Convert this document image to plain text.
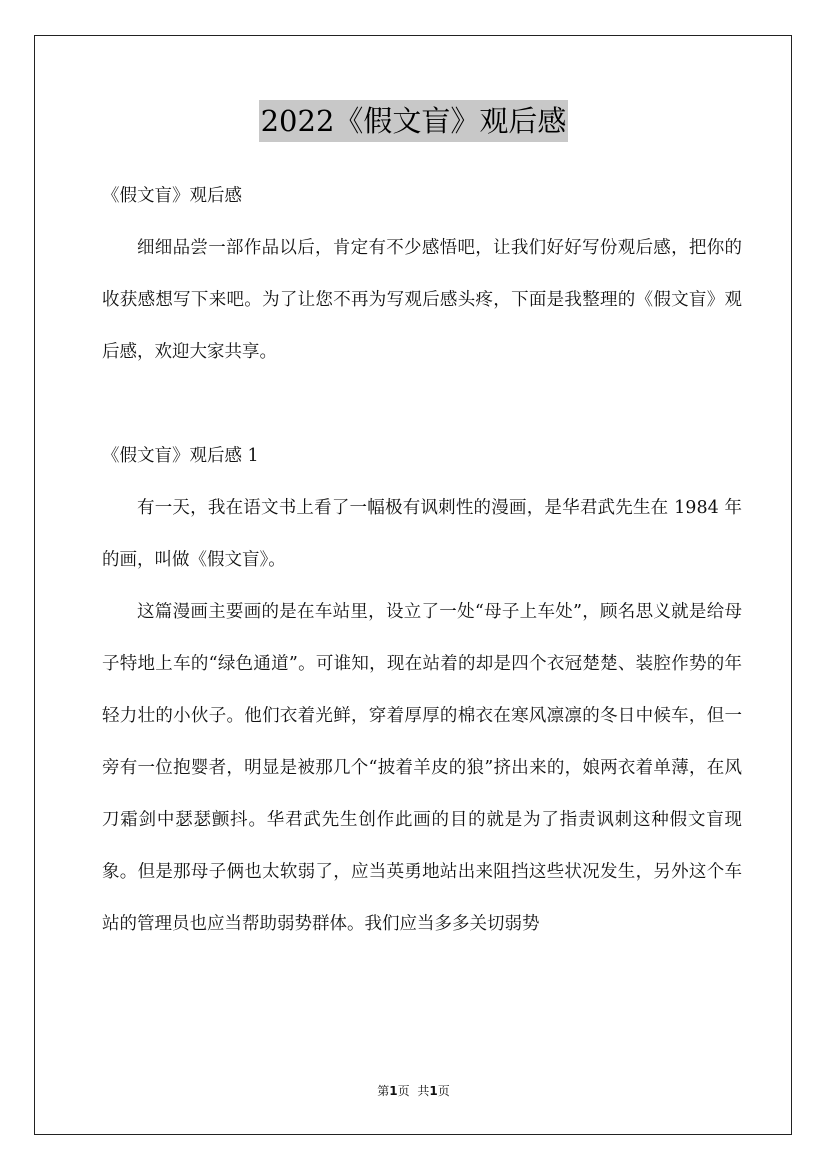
2022《假文盲》观后感

《假文盲》观后感

细细品尝一部作品以后，肯定有不少感悟吧，让我们好好写份观后感，把你的收获感想写下来吧。为了让您不再为写观后感头疼，下面是我整理的《假文盲》观后感，欢迎大家共享。

《假文盲》观后感 1

有一天，我在语文书上看了一幅极有讽刺性的漫画，是华君武先生在 1984 年的画，叫做《假文盲》。

这篇漫画主要画的是在车站里，设立了一处“母子上车处”，顾名思义就是给母子特地上车的“绿色通道”。可谁知，现在站着的却是四个衣冠楚楚、装腔作势的年轻力壮的小伙子。他们衣着光鲜，穿着厚厚的棉衣在寒风凛凛的冬日中候车，但一旁有一位抱婴者，明显是被那几个“披着羊皮的狼”挤出来的，娘两衣着单薄，在风刀霜剑中瑟瑟颤抖。华君武先生创作此画的目的就是为了指责讽刺这种假文盲现象。但是那母子俩也太软弱了，应当英勇地站出来阻挡这些状况发生，另外这个车站的管理员也应当帮助弱势群体。我们应当多多关切弱势

第1页 共1页
